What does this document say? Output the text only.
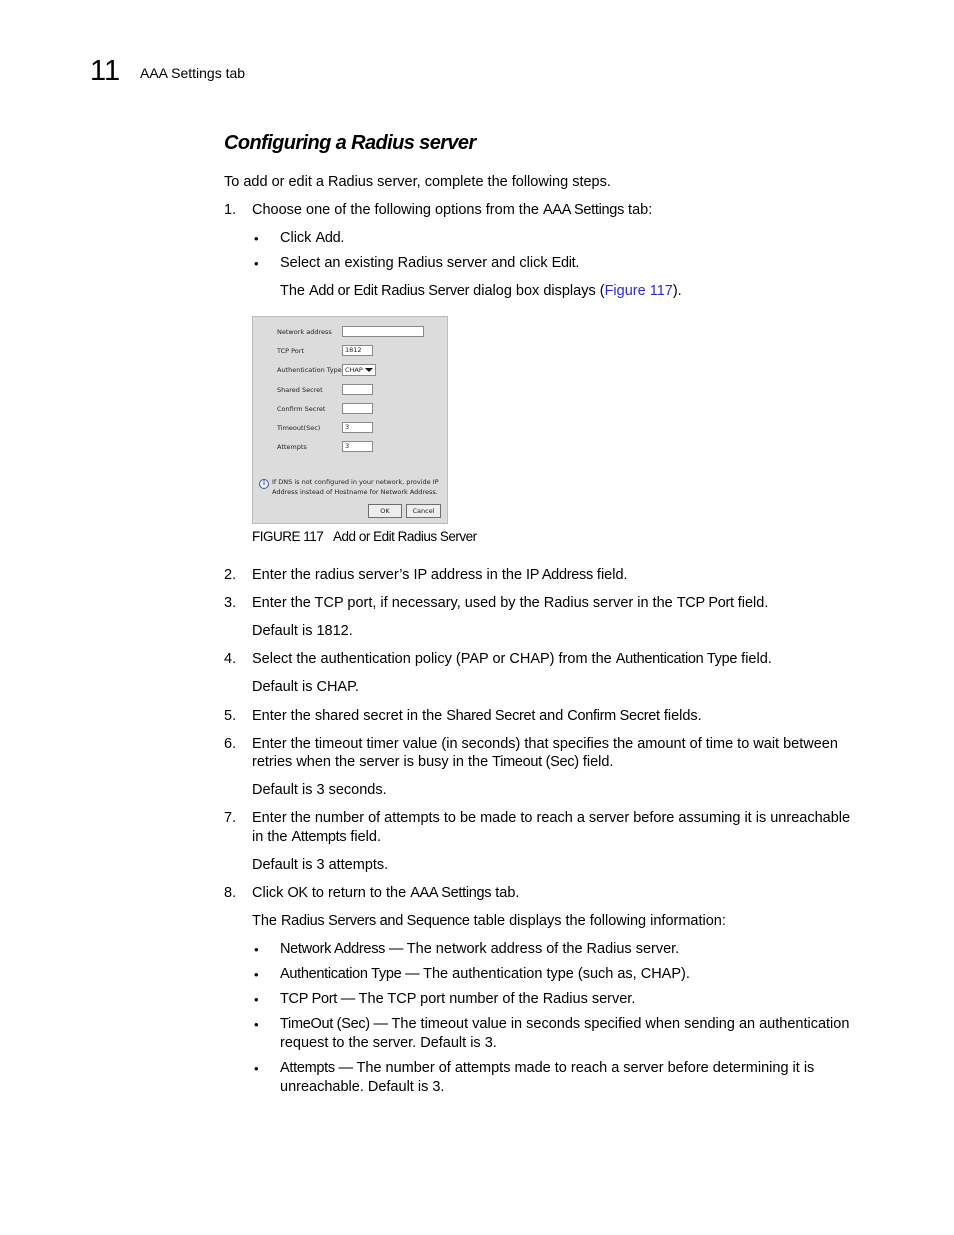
11 AAA Settings tab
Configuring a Radius server

To add or edit a Radius server, complete the following steps.

1. Choose one of the following options from the AAA Settings tab:

• Click Add.

• Select an existing Radius server and click Edit.

The Add or Edit Radius Server dialog box displays (Figure 117).

Network address
TCP Port	1812
Authentication Type CHAP
Shared Secret
Confirm Secret
Timeout(Sec)	3
Attempts	3
i	If DNS is not configured in your network, provide IP Address instead of Hostname for Network Address.
OK	Cancel
FIGURE 117 Add or Edit Radius Server
2. Enter the radius server’s IP address in the IP Address field.

3. Enter the TCP port, if necessary, used by the Radius server in the TCP Port field.

Default is 1812.

4. Select the authentication policy (PAP or CHAP) from the Authentication Type field.

Default is CHAP.

5. Enter the shared secret in the Shared Secret and Confirm Secret fields.

6. Enter the timeout timer value (in seconds) that specifies the amount of time to wait between

retries when the server is busy in the Timeout (Sec) field.

Default is 3 seconds.

7. Enter the number of attempts to be made to reach a server before assuming it is unreachable

in the Attempts field.

Default is 3 attempts.

8. Click OK to return to the AAA Settings tab.

The Radius Servers and Sequence table displays the following information:

• Network Address — The network address of the Radius server.

• Authentication Type — The authentication type (such as, CHAP).

• TCP Port — The TCP port number of the Radius server.

• TimeOut (Sec) — The timeout value in seconds specified when sending an authentication

request to the server. Default is 3.

• Attempts — The number of attempts made to reach a server before determining it is

unreachable. Default is 3.
